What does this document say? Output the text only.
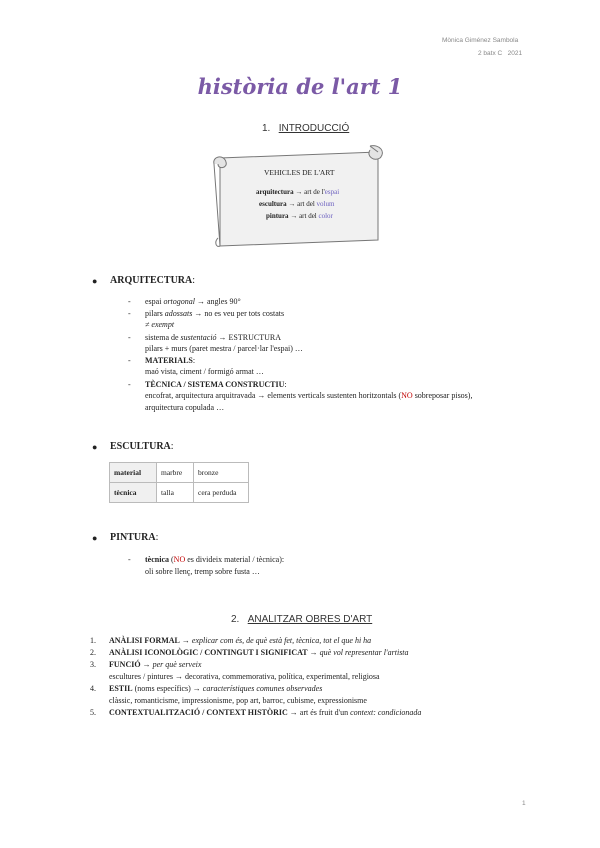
Mònica Giménez Sambola
2 batx C 2021
història de l'art 1
1. INTRODUCCIÓ
VEHICLES DE L'ART
arquitectura → art de l'espai
escultura → art del volum
pintura → art del color
● ARQUITECTURA:
- espai ortogonal → angles 90°
- pilars adossats → no es veu per tots costats
≠ exempt
- sistema de sustentació → ESTRUCTURA
pilars + murs (paret mestra / parcel·lar l'espai) …
- MATERIALS:
maó vista, ciment / formigó armat …
- TÈCNICA / SISTEMA CONSTRUCTIU:
encofrat, arquitectura arquitravada → elements verticals sustenten horitzontals (NO sobreposar pisos),
arquitectura copulada …
● ESCULTURA:
material	marbre	bronze
tècnica	talla	cera perduda
● PINTURA:
- tècnica (NO es divideix material / tècnica):
oli sobre llenç, tremp sobre fusta …
2. ANALITZAR OBRES D'ART
1. ANÀLISI FORMAL → explicar com és, de què està fet, tècnica, tot el que hi ha
2. ANÀLISI ICONOLÒGIC / CONTINGUT I SIGNIFICAT → què vol representar l'artista
3. FUNCIÓ → per què serveix
escultures / pintures → decorativa, commemorativa, política, experimental, religiosa
4. ESTIL (noms específics) → característiques comunes observades
clàssic, romanticisme, impressionisme, pop art, barroc, cubisme, expressionisme
5. CONTEXTUALITZACIÓ / CONTEXT HISTÒRIC → art és fruit d'un context: condicionada
1
